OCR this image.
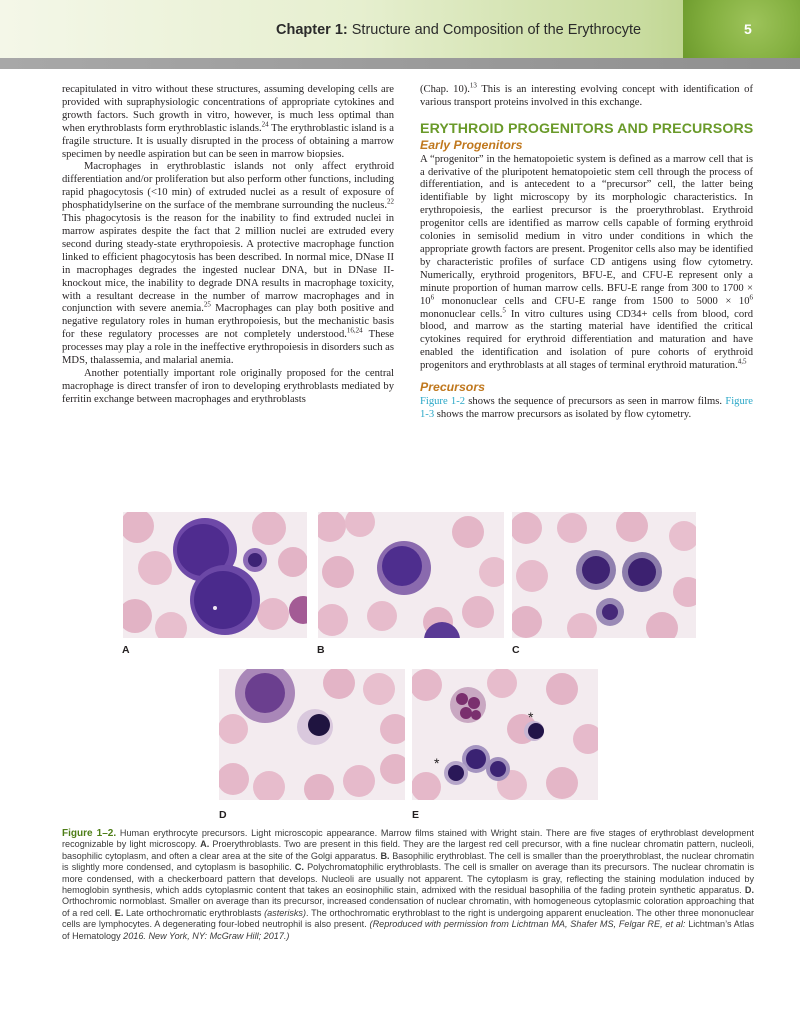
Chapter 1: Structure and Composition of the Erythrocyte	5

recapitulated in vitro without these structures, assuming developing cells are provided with supraphysiologic concentrations of appropriate cytokines and growth factors. Such growth in vitro, however, is much less optimal than when erythroblasts form erythroblastic islands.$^{24}$ The erythroblastic island is a fragile structure. It is usually disrupted in the process of obtaining a marrow specimen by needle aspiration but can be seen in marrow biopsies.

Macrophages in erythroblastic islands not only affect erythroid differentiation and/or proliferation but also perform other functions, including rapid phagocytosis (<10 min) of extruded nuclei as a result of exposure of phosphatidylserine on the surface of the membrane surrounding the nucleus.$^{22}$ This phagocytosis is the reason for the inability to find extruded nuclei in marrow aspirates despite the fact that 2 million nuclei are extruded every second during steady-state erythropoiesis. A protective macrophage function linked to efficient phagocytosis has been described. In normal mice, DNase II in macrophages degrades the ingested nuclear DNA, but in DNase II-knockout mice, the inability to degrade DNA results in macrophage toxicity, with a resultant decrease in the number of marrow macrophages and in conjunction with severe anemia.$^{25}$ Macrophages can play both positive and negative regulatory roles in human erythropoiesis, but the mechanistic basis for these regulatory processes are not completely understood.$^{16,24}$ These processes may play a role in the ineffective erythropoiesis in disorders such as MDS, thalassemia, and malarial anemia.

Another potentially important role originally proposed for the central macrophage is direct transfer of iron to developing erythroblasts mediated by ferritin exchange between macrophages and erythroblasts

(Chap. 10).$^{13}$ This is an interesting evolving concept with identification of various transport proteins involved in this exchange.

ERYTHROID PROGENITORS AND PRECURSORS
Early Progenitors

A “progenitor” in the hematopoietic system is defined as a marrow cell that is a derivative of the pluripotent hematopoietic stem cell through the process of differentiation, and is antecedent to a “precursor” cell, the latter being identifiable by light microscopy by its morphologic characteristics. In erythropoiesis, the earliest precursor is the proerythroblast. Erythroid progenitor cells are identified as marrow cells capable of forming erythroid colonies in semisolid medium in vitro under conditions in which the appropriate growth factors are present. Progenitor cells also may be identified by characteristic profiles of surface CD antigens using flow cytometry. Numerically, erythroid progenitors, BFU-E, and CFU-E represent only a minute proportion of human marrow cells. BFU-E range from 300 to $1700 \times 10^6$ mononuclear cells and CFU-E range from 1500 to $5000 \times 10^6$ mononuclear cells.$^5$ In vitro cultures using CD34+ cells from blood, cord blood, and marrow as the starting material have identified the critical cytokines required for erythroid differentiation and maturation and have enabled the identification and isolation of pure cohorts of erythroid progenitors and erythroblasts at all stages of terminal erythroid maturation.$^{4,5}$

Precursors

Figure 1-2 shows the sequence of precursors as seen in marrow films. Figure 1-3 shows the marrow precursors as isolated by flow cytometry.

A	B	C
D
*
*
E
Figure 1–2. Human erythrocyte precursors. Light microscopic appearance. Marrow films stained with Wright stain. There are five stages of erythroblast development recognizable by light microscopy. A. Proerythroblasts. Two are present in this field. They are the largest red cell precursor, with a fine nuclear chromatin pattern, nucleoli, basophilic cytoplasm, and often a clear area at the site of the Golgi apparatus. B. Basophilic erythroblast. The cell is smaller than the proerythroblast, the nuclear chromatin is slightly more condensed, and cytoplasm is basophilic. C. Polychromatophilic erythroblasts. The cell is smaller on average than its precursors. The nuclear chromatin is more condensed, with a checkerboard pattern that develops. Nucleoli are usually not apparent. The cytoplasm is gray, reflecting the staining modulation induced by hemoglobin synthesis, which adds cytoplasmic content that takes an eosinophilic stain, admixed with the residual basophilia of the fading protein synthetic apparatus. D. Orthochromic normoblast. Smaller on average than its precursor, increased condensation of nuclear chromatin, with homogeneous cytoplasmic coloration approaching that of a red cell. E. Late orthochromatic erythroblasts (asterisks). The orthochromatic erythroblast to the right is undergoing apparent enucleation. The other three mononuclear cells are lymphocytes. A degenerating four-lobed neutrophil is also present. (Reproduced with permission from Lichtman MA, Shafer MS, Felgar RE, et al: Lichtman’s Atlas of Hematology 2016. New York, NY: McGraw Hill; 2017.)
